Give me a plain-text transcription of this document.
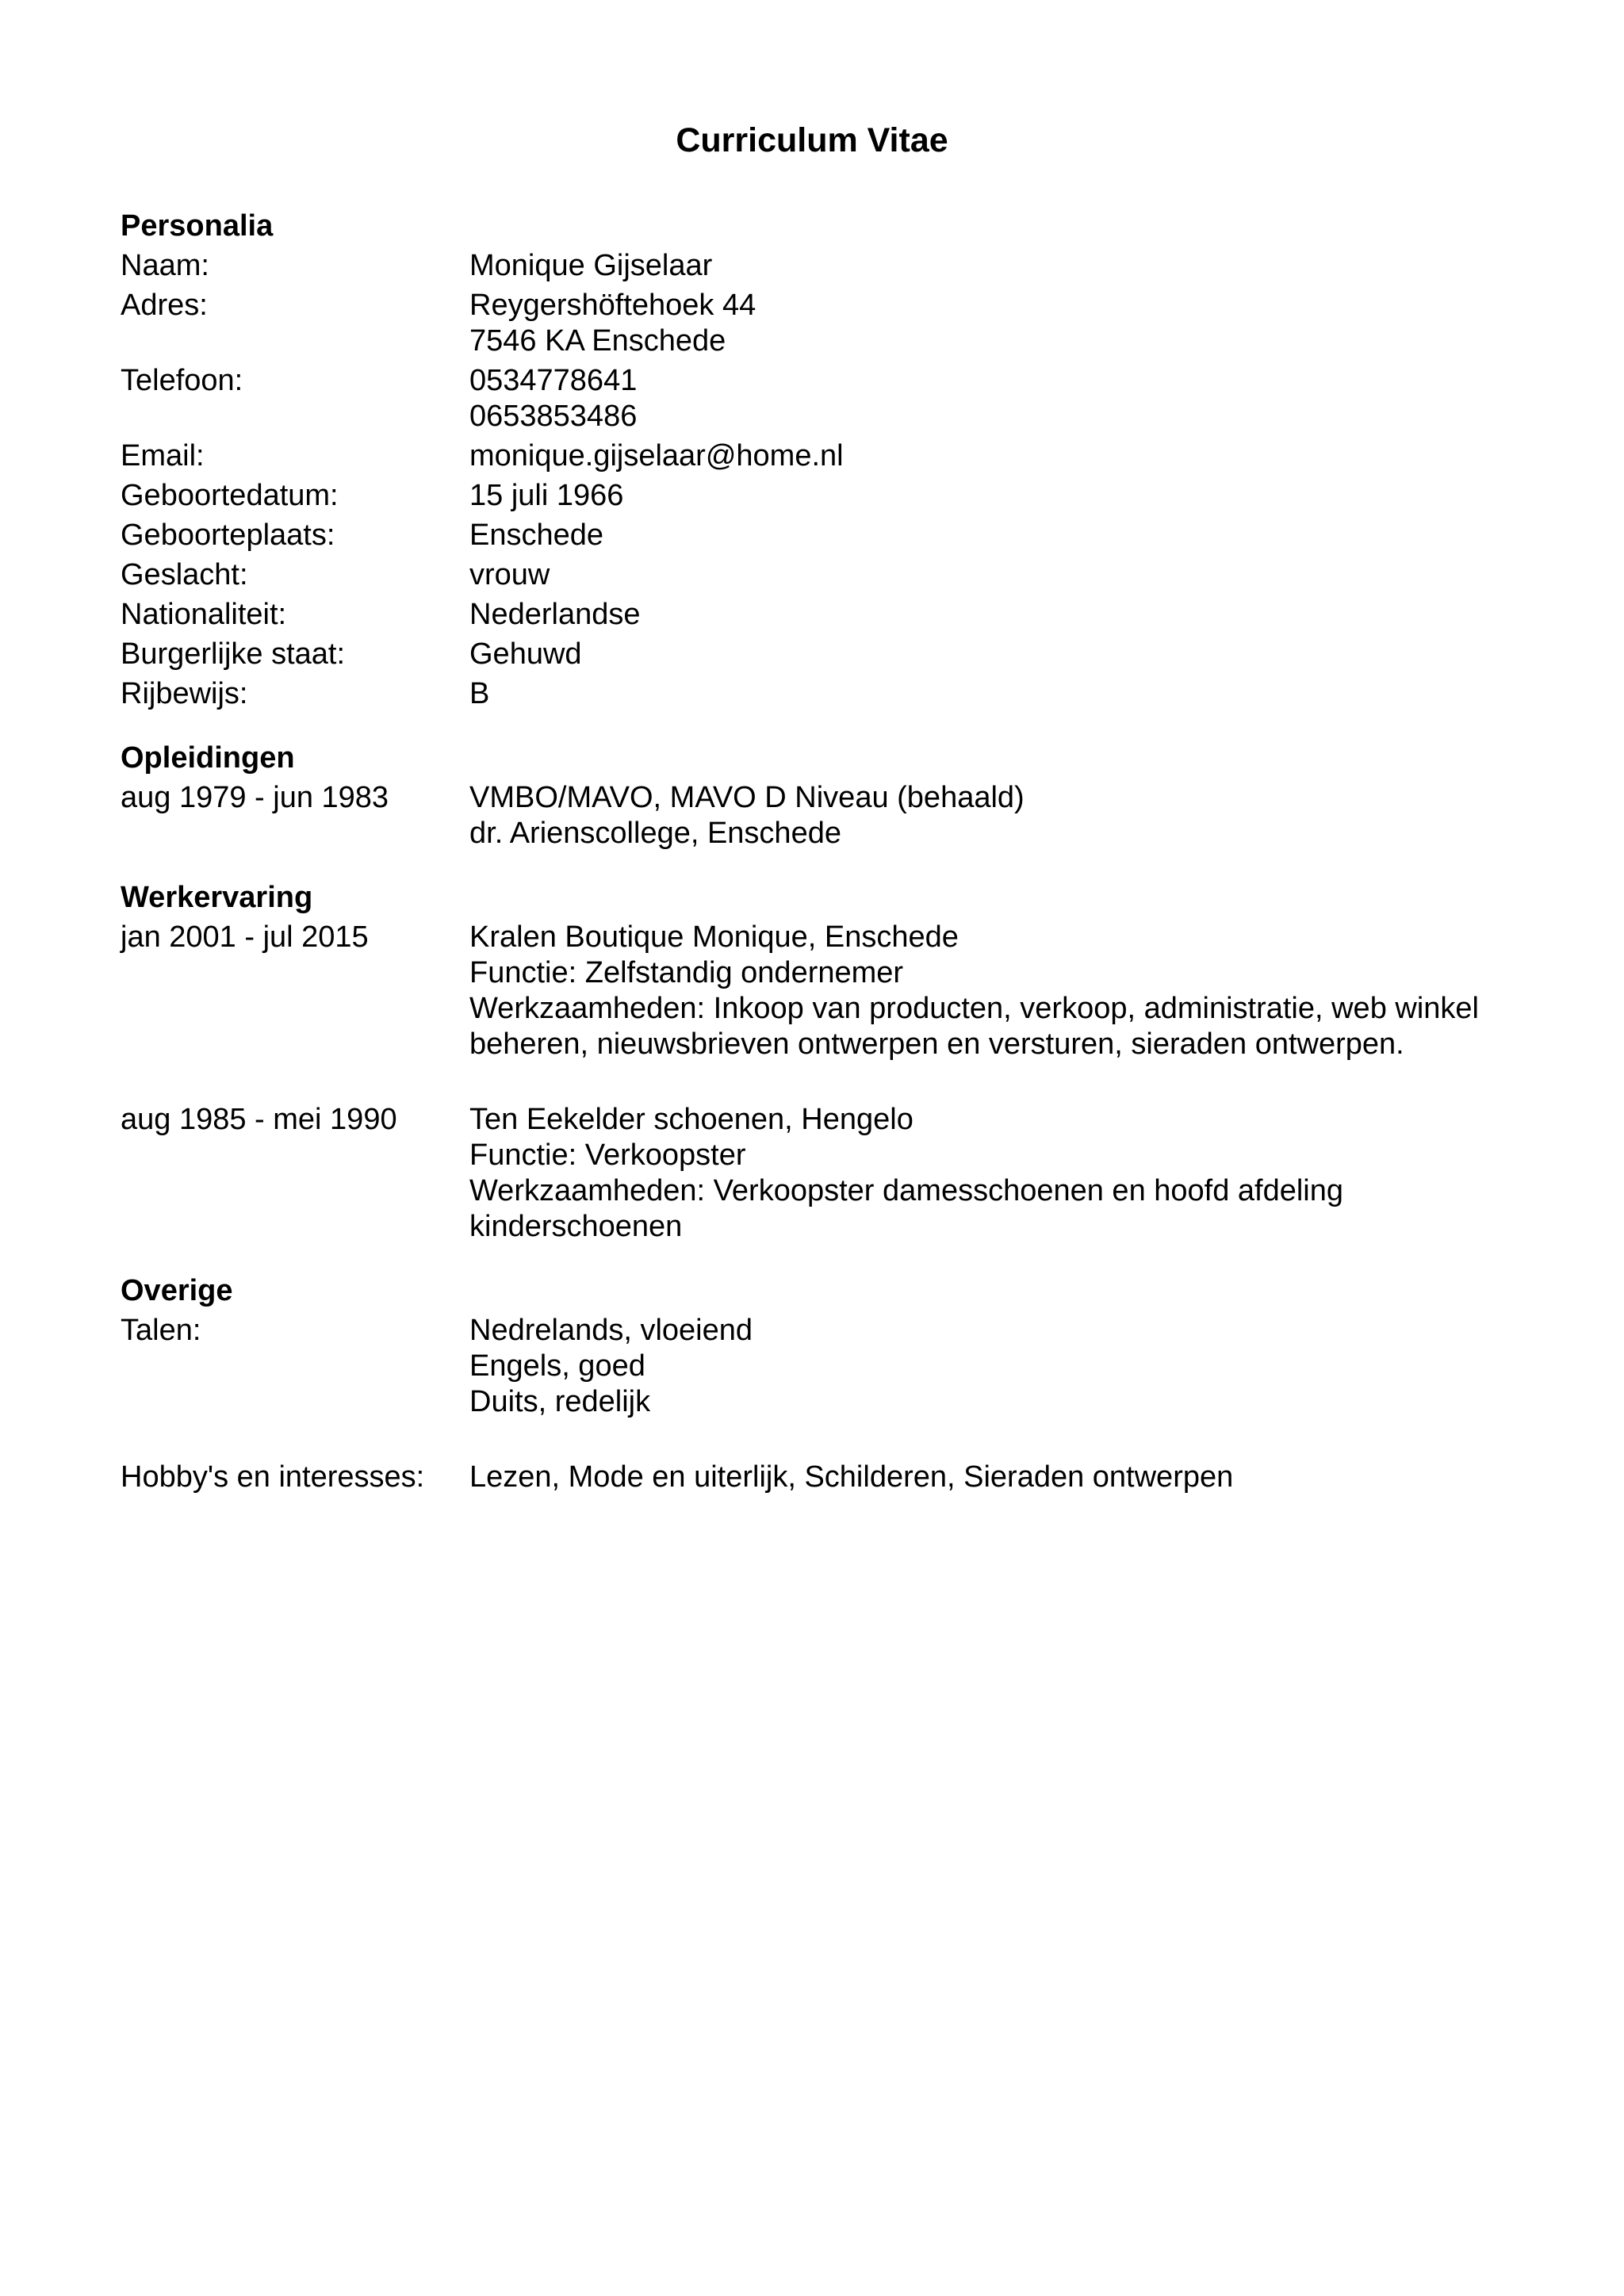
Curriculum Vitae
Personalia
Naam:	Monique Gijselaar
Adres:	Reygershöftehoek 44
7546 KA Enschede
Telefoon:	0534778641
0653853486
Email:	monique.gijselaar@home.nl
Geboortedatum:	15 juli 1966
Geboorteplaats:	Enschede
Geslacht:	vrouw
Nationaliteit:	Nederlandse
Burgerlijke staat:	Gehuwd
Rijbewijs:	B
Opleidingen
aug 1979 - jun 1983	VMBO/MAVO, MAVO D Niveau (behaald)
dr. Arienscollege, Enschede
Werkervaring
jan 2001 - jul 2015	Kralen Boutique Monique, Enschede
Functie: Zelfstandig ondernemer
Werkzaamheden: Inkoop van producten, verkoop, administratie, web winkel
beheren, nieuwsbrieven ontwerpen en versturen, sieraden ontwerpen.
aug 1985 - mei 1990	Ten Eekelder schoenen, Hengelo
Functie: Verkoopster
Werkzaamheden: Verkoopster damesschoenen en hoofd afdeling
kinderschoenen
Overige
Talen:	Nedrelands, vloeiend
Engels, goed
Duits, redelijk
Hobby's en interesses:	Lezen, Mode en uiterlijk, Schilderen, Sieraden ontwerpen
